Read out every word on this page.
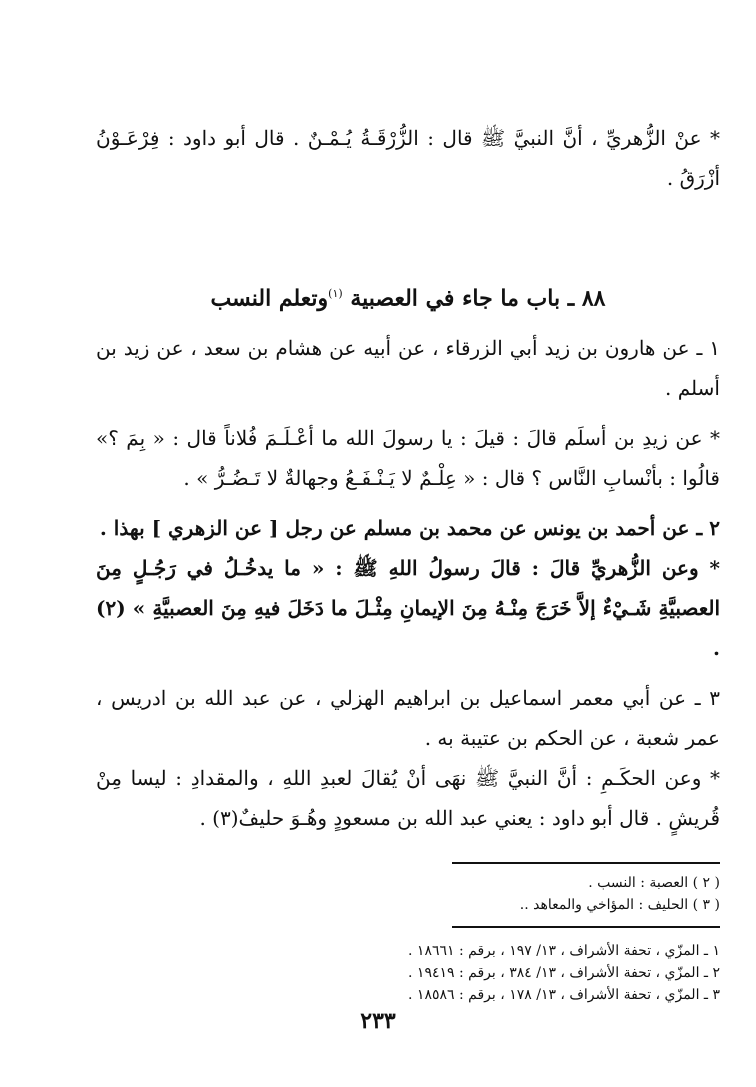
* عنْ الزُّهريِّ ، أنَّ النبيَّ ﷺ قال : الزُّرْقَـةُ يُـمْـنٌ . قال أبو داود : فِرْعَـوْنُ أزْرَقُ .

٨٨ ـ باب ما جاء في العصبية $^{(١)}$وتعلم النسب

١ ـ عن هارون بن زيد أبي الزرقاء ، عن أبيه عن هشام بن سعد ، عن زيد بن أسلم .

* عن زيدِ بن أسلَم قالَ : قيلَ : يا رسولَ الله ما أعْـلَـمَ فُلاناً قال : « بِمَ ؟» قالُوا : بأنْسابِ النَّاس ؟ قال : « عِلْـمٌ لا يَـنْـفَـعُ وجهالةٌ لا تَـضُـرُّ » .

٢ ـ عن أحمد بن يونس عن محمد بن مسلم عن رجل [ عن الزهري ] بهذا .

* وعن الزُّهريِّ قالَ : قالَ رسولُ اللهِ ﷺ : « ما يدخُـلُ في رَجُـلٍ مِنَ العصبيَّةِ شَـيْءٌ إلاَّ خَرَجَ مِنْـهُ مِنَ الإيمانِ مِثْـلَ ما دَخَلَ فيهِ مِنَ العصبيَّةِ » (٢) .

٣ ـ عن أبي معمر اسماعيل بن ابراهيم الهزلي ، عن عبد الله بن ادريس ، عمر شعبة ، عن الحكم بن عتيبة به .

* وعن الحكَـمِ : أنَّ النبيَّ ﷺ نهَى أنْ يُقالَ لعبدِ اللهِ ، والمقدادِ : ليسا مِنْ قُريشٍ . قال أبو داود : يعني عبد الله بن مسعودٍ وهُـوَ حليفٌ(٣) .

( ٢ ) العصبة : النسب .

( ٣ ) الحليف : المؤاخي والمعاهد ..

١ ـ المزّي ، تحفة الأشراف ، ١٣/ ١٩٧ ، برقم : ١٨٦٦١ .

٢ ـ المزّي ، تحفة الأشراف ، ١٣/ ٣٨٤ ، برقم : ١٩٤١٩ .

٣ ـ المزّي ، تحفة الأشراف ، ١٣/ ١٧٨ ، برقم : ١٨٥٨٦ .

٢٣٣
